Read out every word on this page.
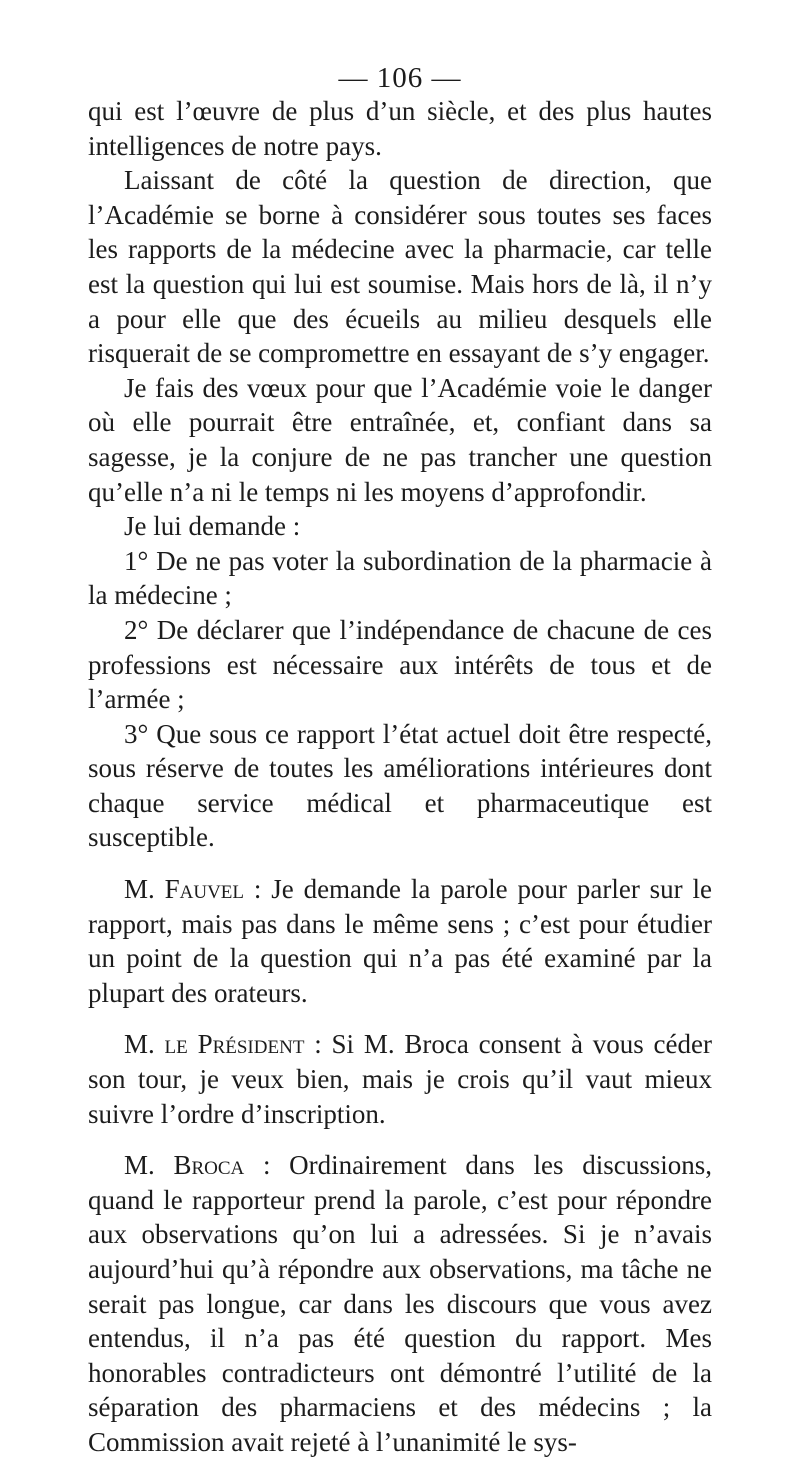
— 106 —

qui est l’œuvre de plus d’un siècle, et des plus hautes intelligences de notre pays.

Laissant de côté la question de direction, que l’Académie se borne à considérer sous toutes ses faces les rapports de la médecine avec la pharmacie, car telle est la question qui lui est soumise. Mais hors de là, il n’y a pour elle que des écueils au milieu desquels elle risquerait de se compromettre en essayant de s’y engager.

Je fais des vœux pour que l’Académie voie le danger où elle pourrait être entraînée, et, confiant dans sa sagesse, je la conjure de ne pas trancher une question qu’elle n’a ni le temps ni les moyens d’approfondir.

Je lui demande :

1° De ne pas voter la subordination de la pharmacie à la médecine ;

2° De déclarer que l’indépendance de chacune de ces professions est nécessaire aux intérêts de tous et de l’armée ;

3° Que sous ce rapport l’état actuel doit être respecté, sous réserve de toutes les améliorations intérieures dont chaque service médical et pharmaceutique est susceptible.

M. Fauvel : Je demande la parole pour parler sur le rapport, mais pas dans le même sens ; c’est pour étudier un point de la question qui n’a pas été examiné par la plupart des orateurs.

M. le Président : Si M. Broca consent à vous céder son tour, je veux bien, mais je crois qu’il vaut mieux suivre l’ordre d’inscription.

M. Broca : Ordinairement dans les discussions, quand le rapporteur prend la parole, c’est pour répondre aux observations qu’on lui a adressées. Si je n’avais aujourd’hui qu’à répondre aux observations, ma tâche ne serait pas longue, car dans les discours que vous avez entendus, il n’a pas été question du rapport. Mes honorables contradicteurs ont démontré l’utilité de la séparation des pharmaciens et des médecins ; la Commission avait rejeté à l’unanimité le sys-
